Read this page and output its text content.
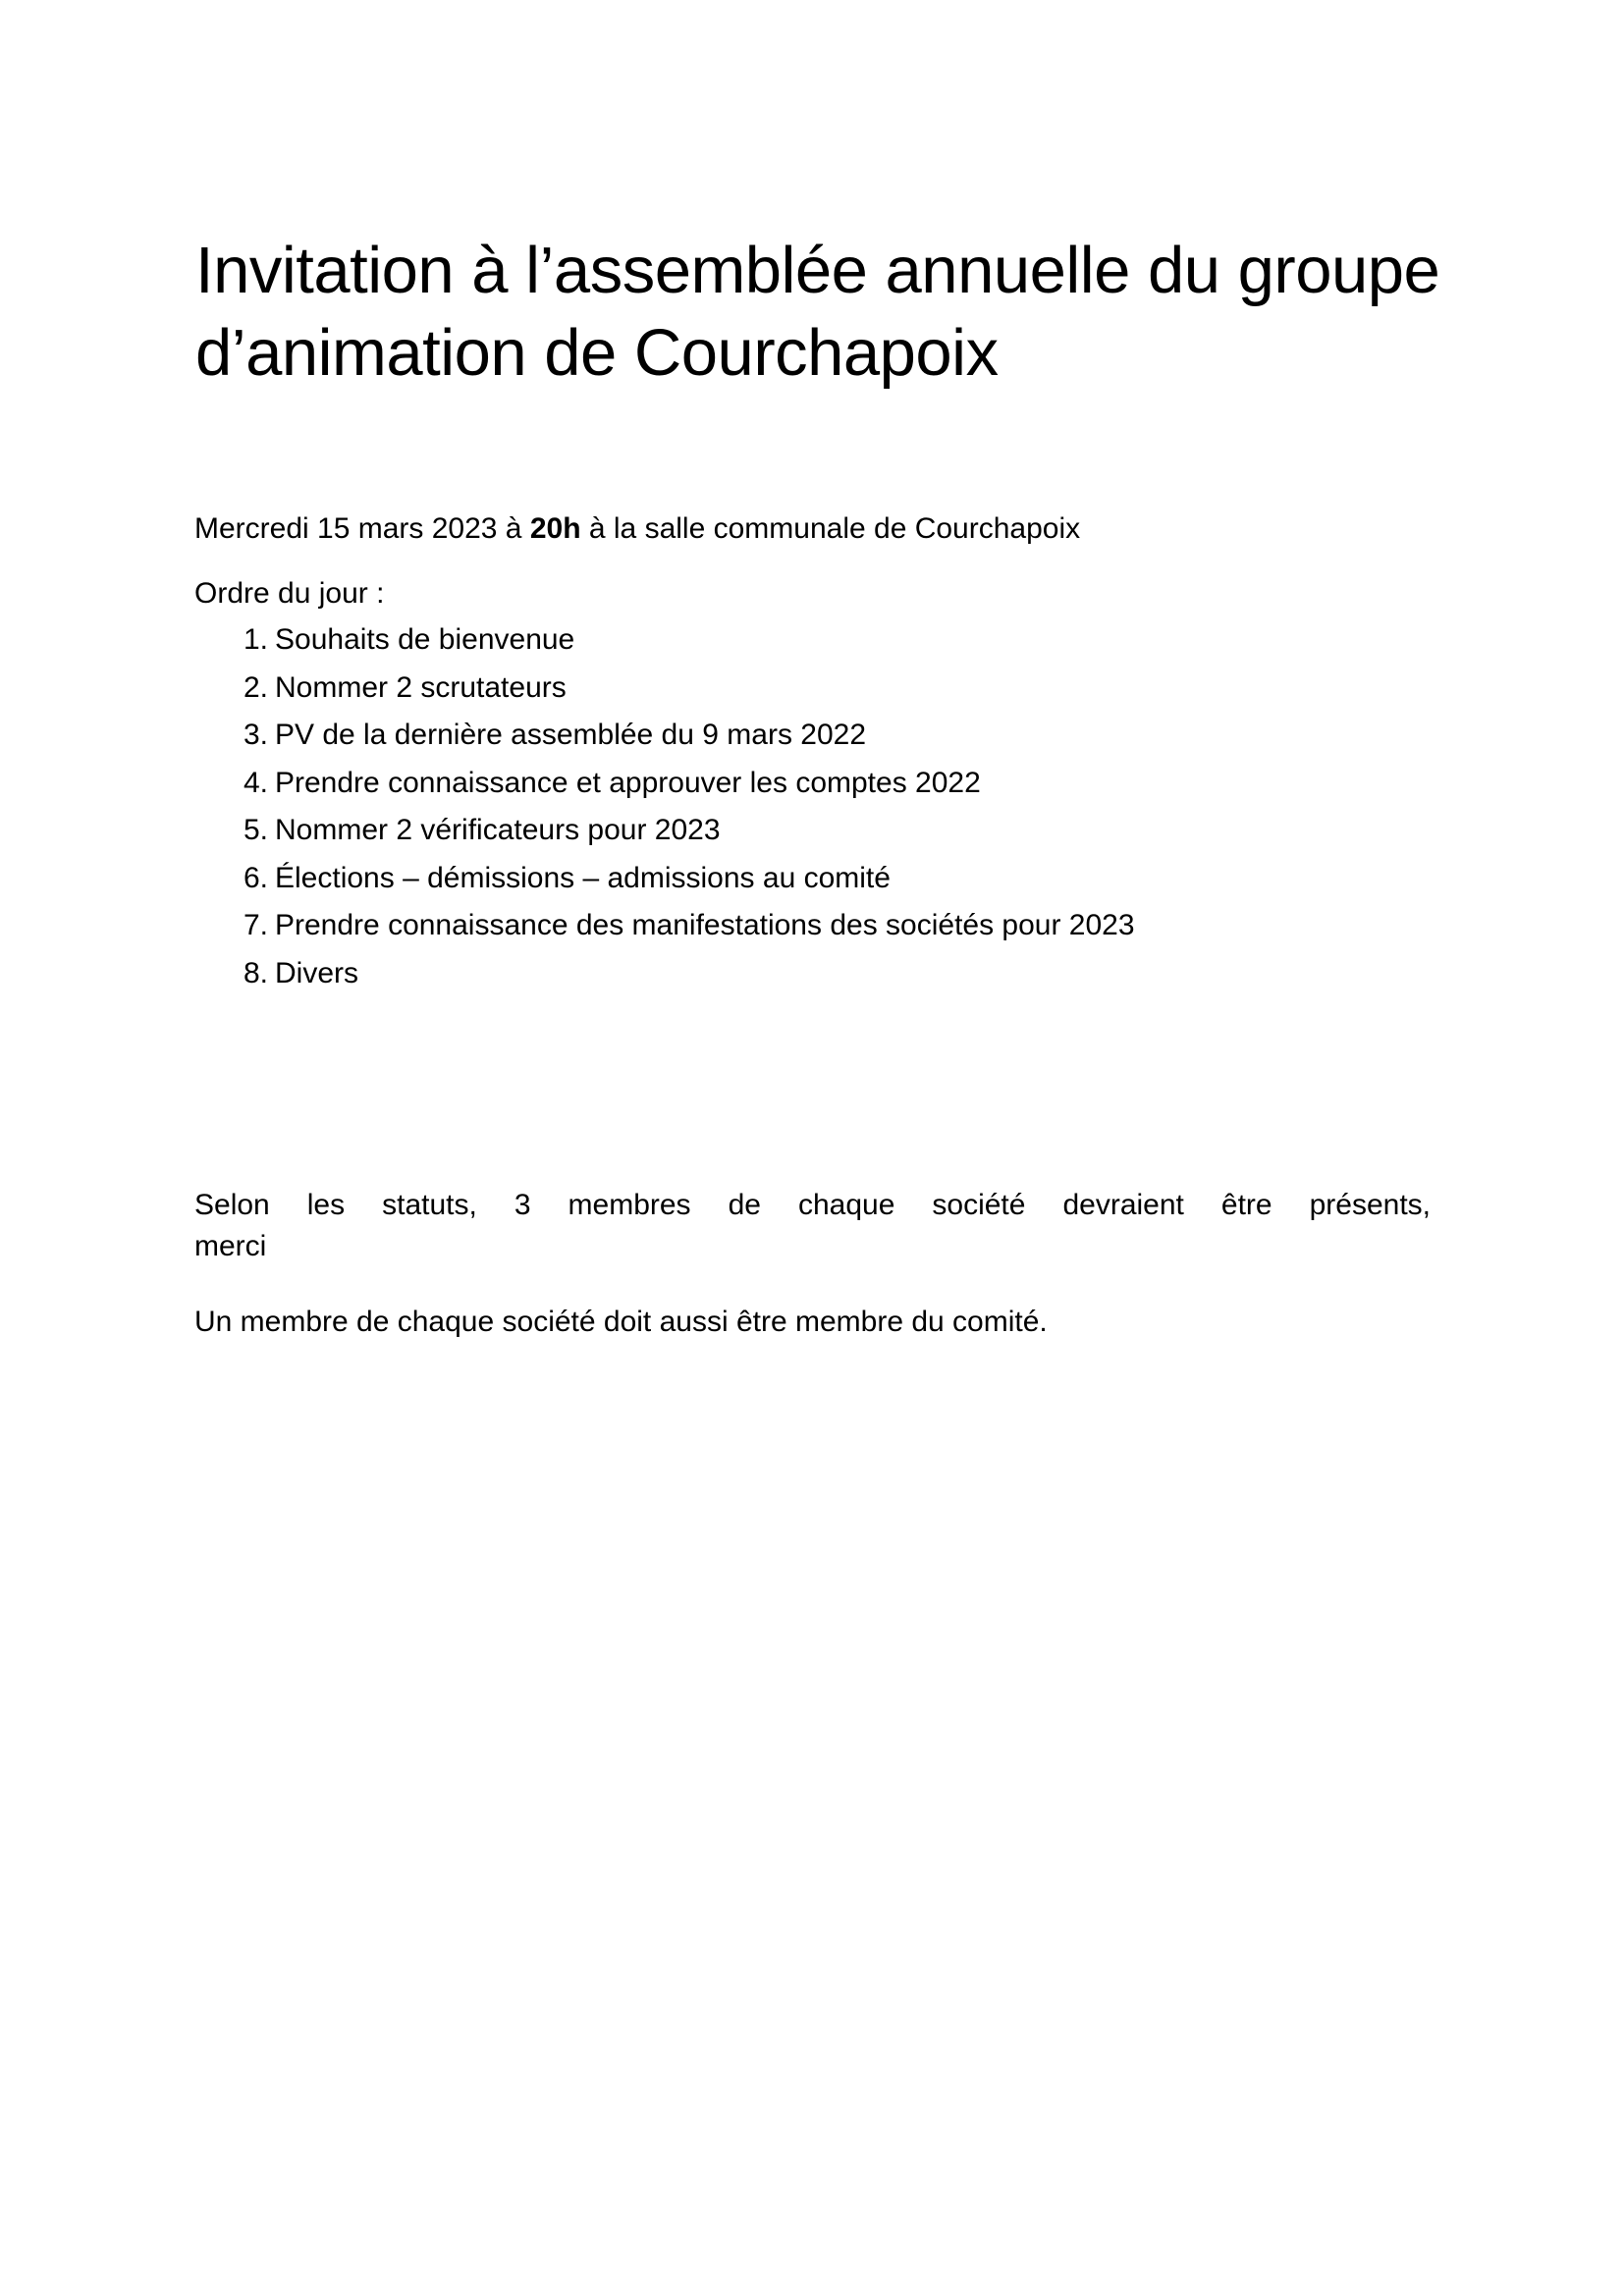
Invitation à l’assemblée annuelle du groupe
d’animation de Courchapoix

Mercredi 15 mars 2023 à 20h à la salle communale de Courchapoix

Ordre du jour :

1. Souhaits de bienvenue
2. Nommer 2 scrutateurs
3. PV de la dernière assemblée du 9 mars 2022
4. Prendre connaissance et approuver les comptes 2022
5. Nommer 2 vérificateurs pour 2023
6. Élections – démissions – admissions au comité
7. Prendre connaissance des manifestations des sociétés pour 2023
8. Divers

Selon les statuts, 3 membres de chaque société devraient être présents,
merci

Un membre de chaque société doit aussi être membre du comité.
